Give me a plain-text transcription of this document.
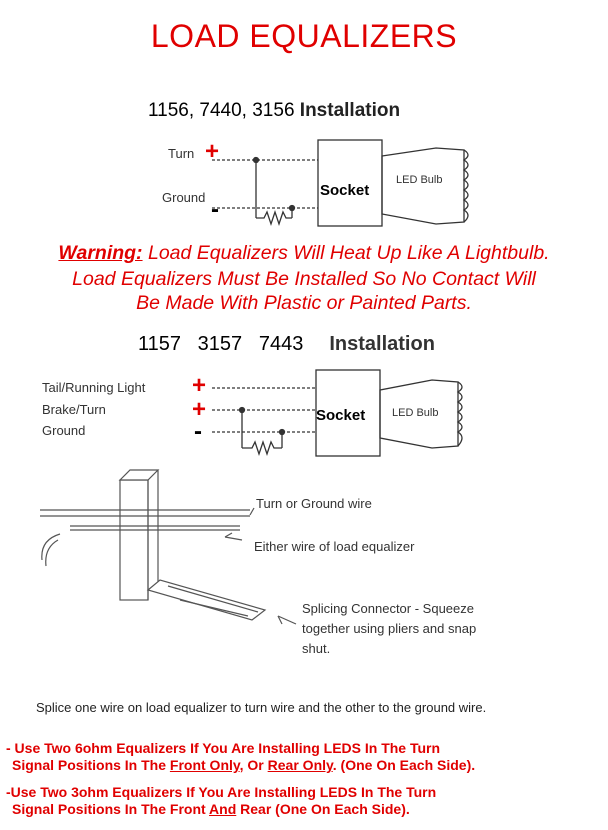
LOAD EQUALIZERS
1156, 7440, 3156 Installation
Turn +
Ground -
Socket
LED Bulb
Warning: Load Equalizers Will Heat Up Like A Lightbulb.
Load Equalizers Must Be Installed So No Contact Will
Be Made With Plastic or Painted Parts.
1157   3157   7443 Installation
Tail/Running Light +
Brake/Turn	+
Ground	-
Socket LED Bulb
Turn or Ground wire
Either wire of load equalizer
Splicing Connector - Squeeze
together using pliers and snap
shut.
Splice one wire on load equalizer to turn wire and the other to the ground wire.
- Use Two 6ohm Equalizers If You Are Installing LEDS In The Turn
Signal Positions In The Front Only, Or Rear Only. (One On Each Side).
-Use Two 3ohm Equalizers If You Are Installing LEDS In The Turn
Signal Positions In The Front And Rear (One On Each Side).
